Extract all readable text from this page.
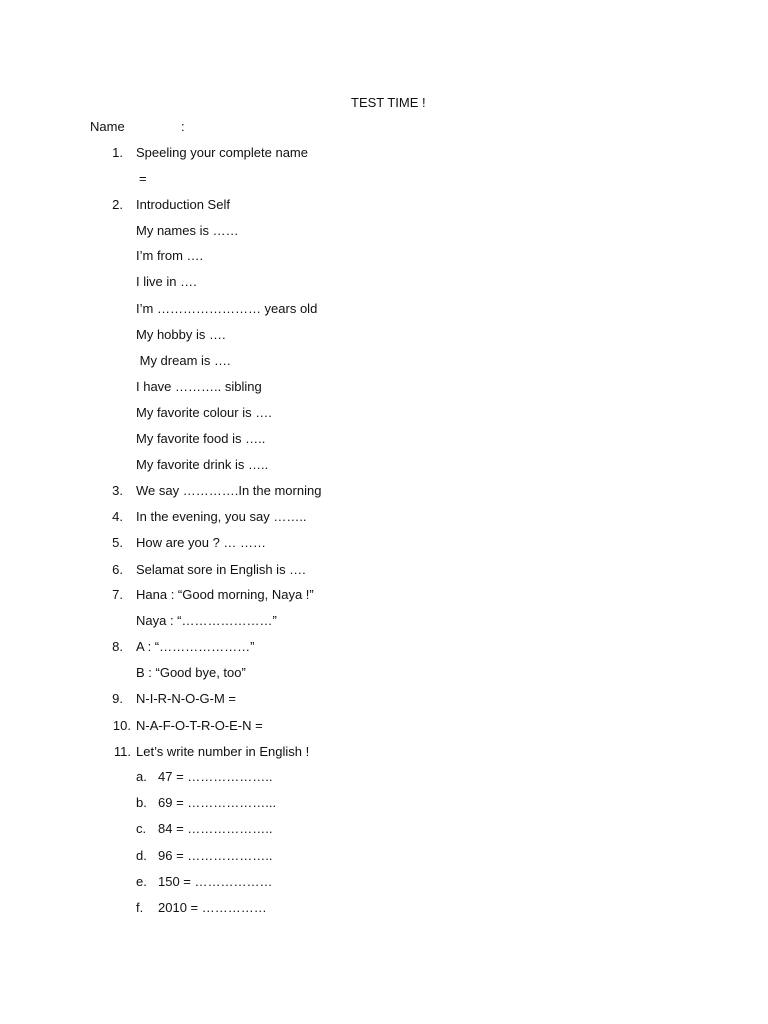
TEST TIME !
Name	:
1. Speeling your complete name
=
2. Introduction Self
My names is ……
I’m from ….
I live in ….
I’m …………………… years old
My hobby is ….
My dream is ….
I have ……….. sibling
My favorite colour is ….
My favorite food is …..
My favorite drink is …..
3. We say ………….In the morning
4. In the evening, you say ……..
5. How are you ? … ……
6. Selamat sore in English is ….
7. Hana : “Good morning, Naya !”
Naya : “…………………”
8. A : “…………………”
B : “Good bye, too”
9. N-I-R-N-O-G-M =
10. N-A-F-O-T-R-O-E-N =
11. Let’s write number in English !
a. 47 = ………………..
b. 69 = ………………...
c. 84 = ………………..
d. 96 = ………………..
e. 150 = ………………
f.	2010 = ……………
